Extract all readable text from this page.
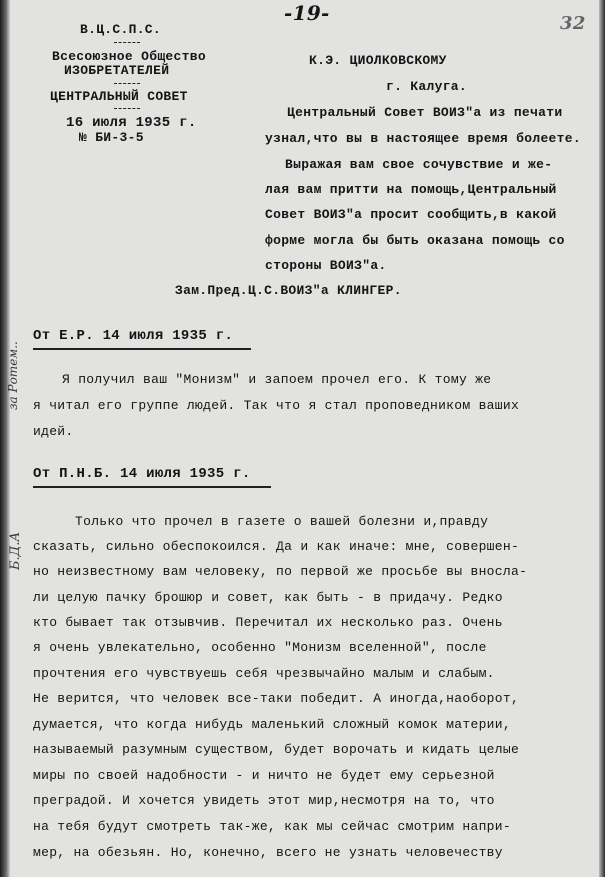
-19-	32
В.Ц.С.П.С.
Всесоюзное Общество
ИЗОБРЕТАТЕЛЕЙ
ЦЕНТРАЛЬНЫЙ СОВЕТ
16 июля 1935 г.
№ БИ-3-5
К.Э. ЦИОЛКОВСКОМУ
г. Калуга.
Центральный Совет ВОИЗ"а из печати
узнал,что вы в настоящее время болеете.
Выражая вам свое сочувствие и же-
лая вам притти на помощь,Центральный
Совет ВОИЗ"а просит сообщить,в какой
форме могла бы быть оказана помощь со
стороны ВОИЗ"а.
Зам.Пред.Ц.С.ВОИЗ"а КЛИНГЕР.
От Е.Р. 14 июля 1935 г.
Я получил ваш "Монизм" и запоем прочел его. К тому же
я читал его группе людей. Так что я стал проповедником ваших
идей.
От П.Н.Б. 14 июля 1935 г.
Только что прочел в газете о вашей болезни и,правду
сказать, сильно обеспокоился. Да и как иначе: мне, совершен-
но неизвестному вам человеку, по первой же просьбе вы вносла-
ли целую пачку брошюр и совет, как быть - в придачу. Редко
кто бывает так отзывчив. Перечитал их несколько раз. Очень
я очень увлекательно, особенно "Монизм вселенной", после
прочтения его чувствуешь себя чрезвычайно малым и слабым.
Не верится, что человек все-таки победит. А иногда,наоборот,
думается, что когда нибудь маленький сложный комок материи,
называемый разумным существом, будет ворочать и кидать целые
миры по своей надобности - и ничто не будет ему серьезной
преградой. И хочется увидеть этот мир,несмотря на то, что
на тебя будут смотреть так-же, как мы сейчас смотрим напри-
мер, на обезьян. Но, конечно, всего не узнать человечеству
за Ротем..
Б.Д.А
